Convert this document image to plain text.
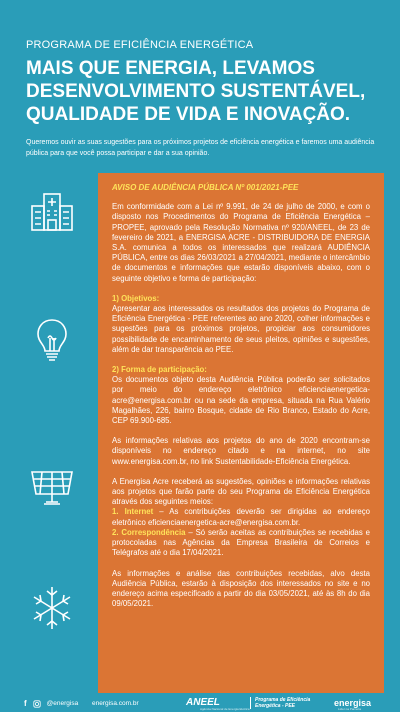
PROGRAMA DE EFICIÊNCIA ENERGÉTICA
MAIS QUE ENERGIA, LEVAMOS DESENVOLVIMENTO SUSTENTÁVEL, QUALIDADE DE VIDA E INOVAÇÃO.
Queremos ouvir as suas sugestões para os próximos projetos de eficiência energética e faremos uma audiência pública para que você possa participar e dar a sua opinião.

AVISO DE AUDIÊNCIA PÚBLICA Nº 001/2021-PEE

Em conformidade com a Lei nº 9.991, de 24 de julho de 2000, e com o disposto nos Procedimentos do Programa de Eficiência Energética – PROPEE, aprovado pela Resolução Normativa nº 920/ANEEL, de 23 de fevereiro de 2021, a ENERGISA ACRE - DISTRIBUIDORA DE ENERGIA S.A. comunica a todos os interessados que realizará AUDIÊNCIA PÚBLICA, entre os dias 26/03/2021 a 27/04/2021, mediante o intercâmbio de documentos e informações que estarão disponíveis abaixo, com o seguinte objetivo e forma de participação:

1) Objetivos:

Apresentar aos interessados os resultados dos projetos do Programa de Eficiência Energética - PEE referentes ao ano 2020, colher informações e sugestões para os próximos projetos, propiciar aos consumidores possibilidade de encaminhamento de seus pleitos, opiniões e sugestões, além de dar transparência ao PEE.

2) Forma de participação:

Os documentos objeto desta Audiência Pública poderão ser solicitados por meio do endereço eletrônico eficienciaenergetica-acre@energisa.com.br ou na sede da empresa, situada na Rua Valério Magalhães, 226, bairro Bosque, cidade de Rio Branco, Estado do Acre, CEP 69.900-685.

As informações relativas aos projetos do ano de 2020 encontram-se disponíveis no endereço citado e na internet, no site www.energisa.com.br, no link Sustentabilidade-Eficiência Energética.

A Energisa Acre receberá as sugestões, opiniões e informações relativas aos projetos que farão parte do seu Programa de Eficiência Energética através dos seguintes meios:

1. Internet – As contribuições deverão ser dirigidas ao endereço eletrônico eficienciaenergetica-acre@energisa.com.br.

2. Correspondência – Só serão aceitas as contribuições se recebidas e protocoladas nas Agências da Empresa Brasileira de Correios e Telégrafos até o dia 17/04/2021.

As informações e análise das contribuições recebidas, alvo desta Audiência Pública, estarão à disposição dos interessados no site e no endereço acima especificado a partir do dia 03/05/2021, até às 8h do dia 09/05/2021.

f	@energisa energisa.com.br	ANEEL
Agência Nacional de Energia Elétrica
Programa de Eficiência Energética - PEE	energisa
Líder na Parceria
